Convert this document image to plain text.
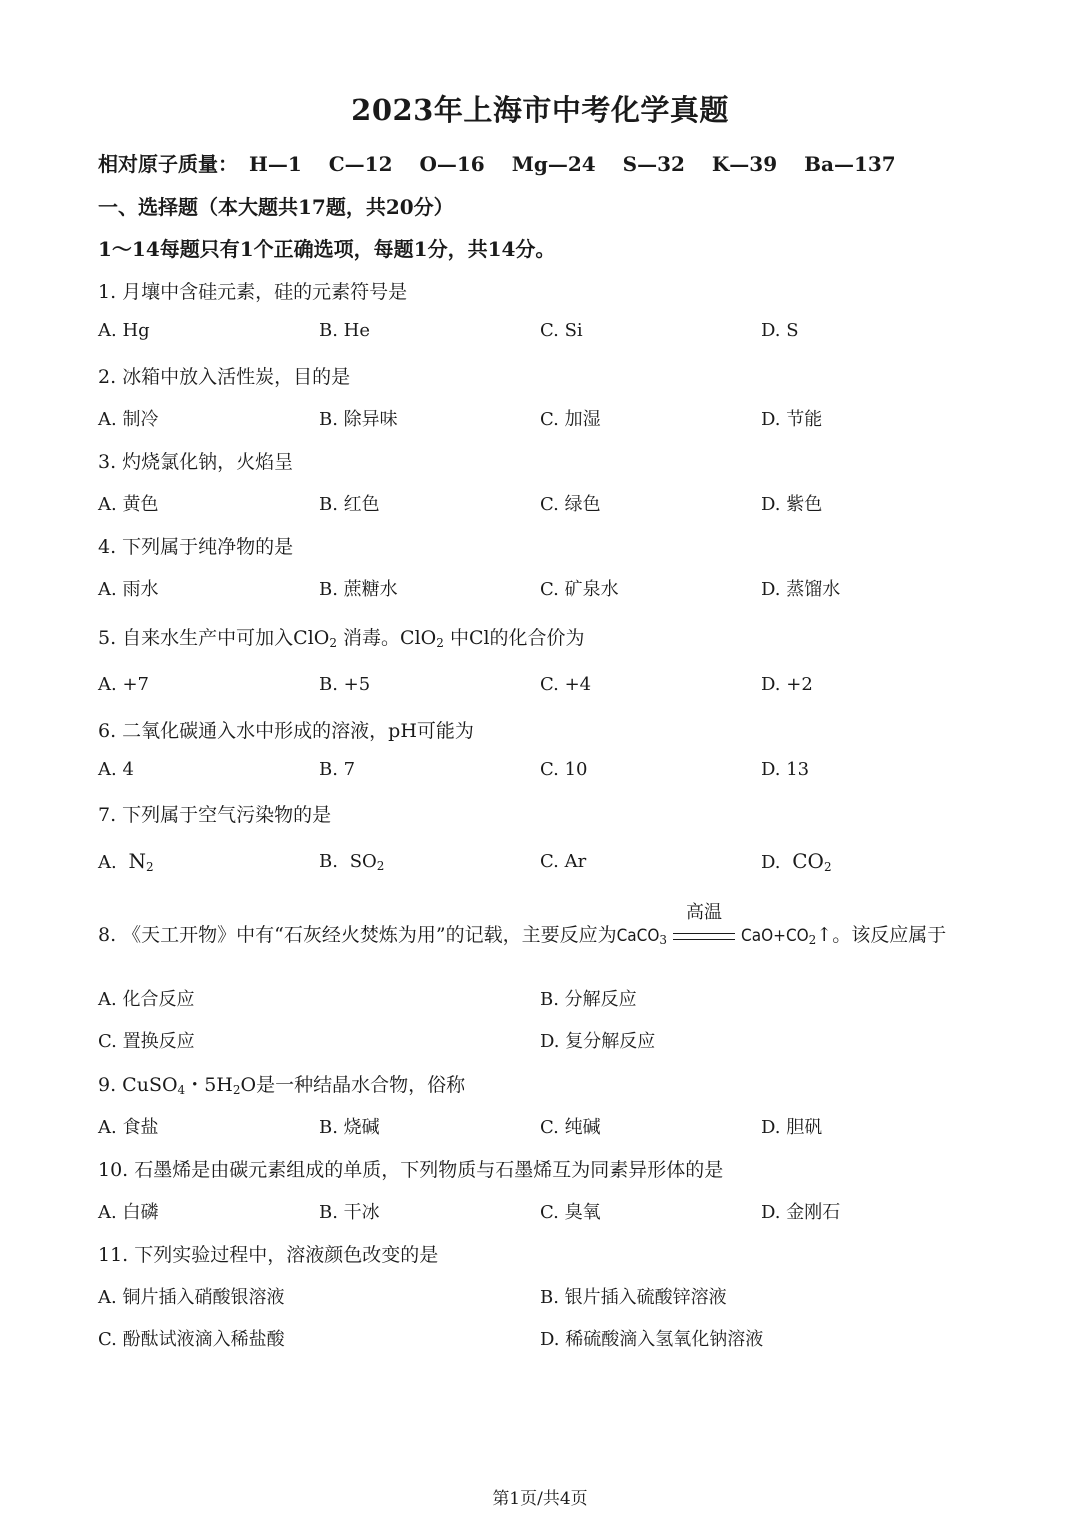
2023年上海市中考化学真题
相对原子质量： H—1 C—12 O—16 Mg—24 S—32 K—39 Ba—137
一、选择题（本大题共17题，共20分）
1～14每题只有1个正确选项，每题1分，共14分。
1. 月壤中含硅元素，硅的元素符号是
A. Hg	B. He	C. Si	D. S
2. 冰箱中放入活性炭，目的是
A. 制冷	B. 除异味	C. 加湿	D. 节能
3. 灼烧氯化钠，火焰呈
A. 黄色	B. 红色	C. 绿色	D. 紫色
4. 下列属于纯净物的是
A. 雨水	B. 蔗糖水	C. 矿泉水	D. 蒸馏水
5. 自来水生产中可加入ClO$_2$ 消毒。ClO$_2$ 中Cl的化合价为
A. +7	B. +5	C. +4	D. +2
6. 二氧化碳通入水中形成的溶液，pH可能为
A. 4	B. 7	C. 10	D. 13
7. 下列属于空气污染物的是
A. $N_2$	B. $SO_2$	C. Ar	D. $CO_2$
8. 《天工开物》中有“石灰经火焚炼为用”的记载，主要反应为CaCO$_3$
高温
$CaO+CO_2↑$。该反应属于
A. 化合反应	B. 分解反应
C. 置换反应	D. 复分解反应
9. CuSO$_4$・$5H_2O$是一种结晶水合物，俗称
A. 食盐	B. 烧碱	C. 纯碱	D. 胆矾
10. 石墨烯是由碳元素组成的单质，下列物质与石墨烯互为同素异形体的是
A. 白磷	B. 干冰	C. 臭氧	D. 金刚石
11. 下列实验过程中，溶液颜色改变的是
A. 铜片插入硝酸银溶液	B. 银片插入硫酸锌溶液
C. 酚酞试液滴入稀盐酸	D. 稀硫酸滴入氢氧化钠溶液
第1页/共4页
